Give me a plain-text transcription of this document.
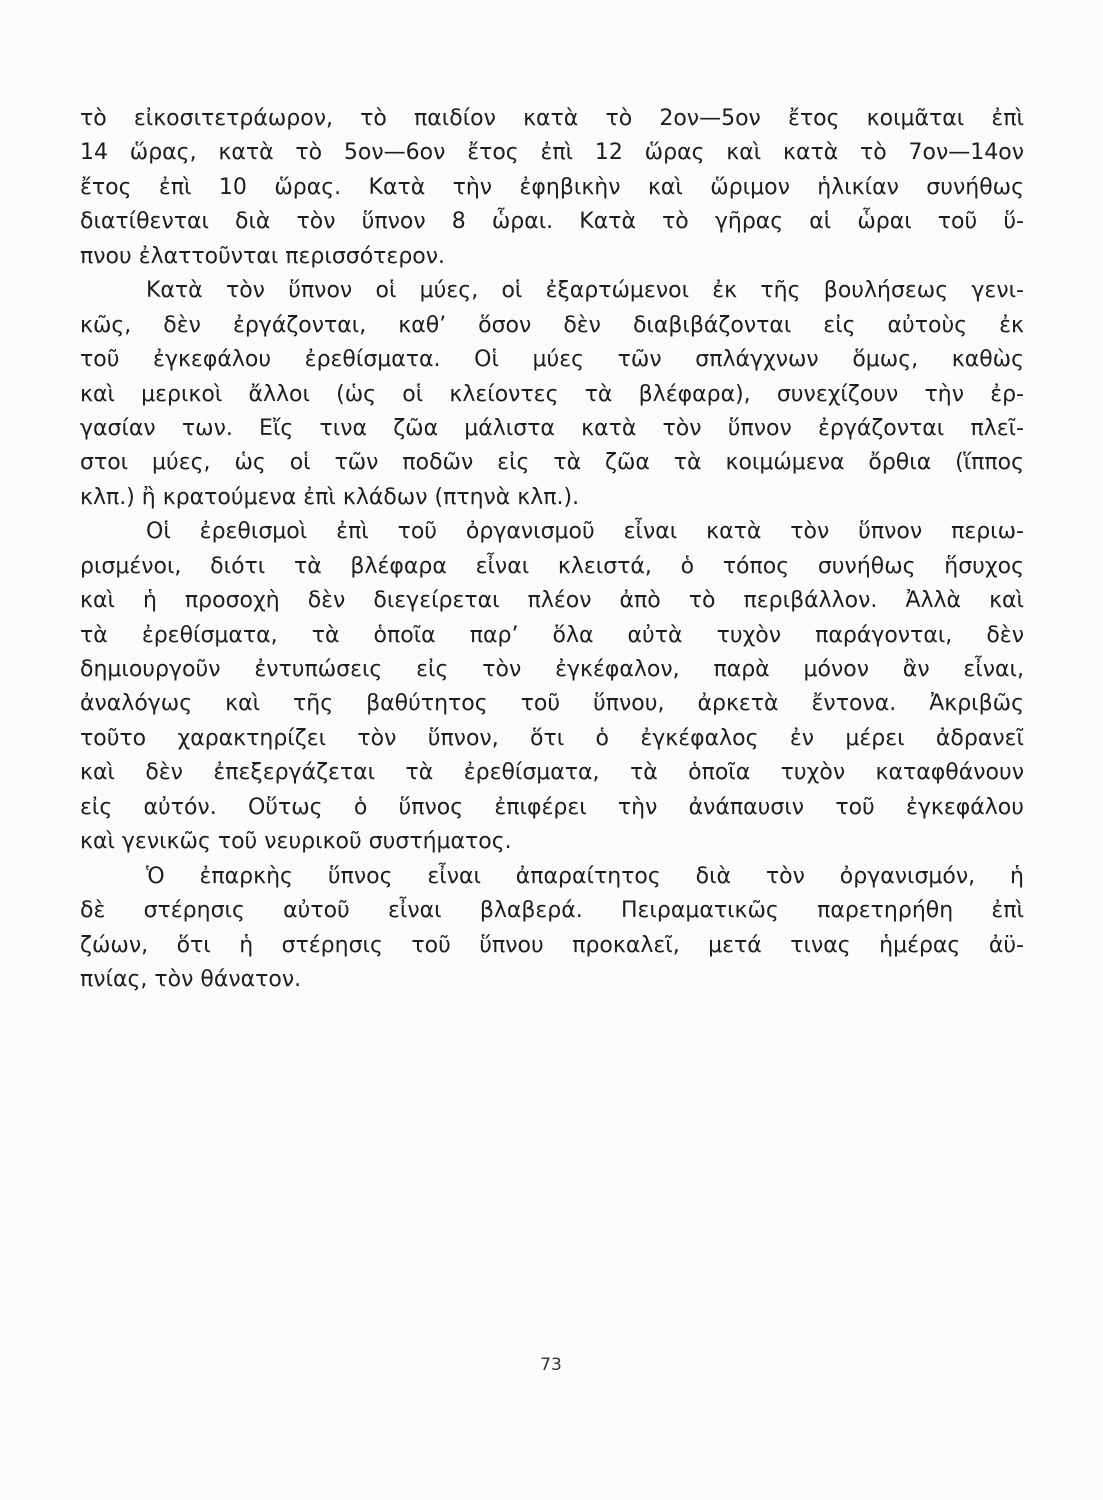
τὸ εἰκοσιτετράωρον, τὸ παιδίον κατὰ τὸ 2ον—5ον ἔτος κοιμᾶται ἐπὶ
14 ὥρας, κατὰ τὸ 5ον—6ον ἔτος ἐπὶ 12 ὥρας καὶ κατὰ τὸ 7ον—14ον
ἔτος ἐπὶ 10 ὥρας. Κατὰ τὴν ἐφηβικὴν καὶ ὥριμον ἡλικίαν συνήθως
διατίθενται διὰ τὸν ὕπνον 8 ὧραι. Κατὰ τὸ γῆρας αἱ ὧραι τοῦ ὕ-
πνου ἐλαττοῦνται περισσότερον.
Κατὰ τὸν ὕπνον οἱ μύες, οἱ ἐξαρτώμενοι ἐκ τῆς βουλήσεως γενι-
κῶς, δὲν ἐργάζονται, καθ’ ὅσον δὲν διαβιβάζονται εἰς αὐτοὺς ἐκ
τοῦ ἐγκεφάλου ἐρεθίσματα. Οἱ μύες τῶν σπλάγχνων ὅμως, καθὼς
καὶ μερικοὶ ἄλλοι (ὡς οἱ κλείοντες τὰ βλέφαρα), συνεχίζουν τὴν ἐρ-
γασίαν των. Εἴς τινα ζῶα μάλιστα κατὰ τὸν ὕπνον ἐργάζονται πλεῖ-
στοι μύες, ὡς οἱ τῶν ποδῶν εἰς τὰ ζῶα τὰ κοιμώμενα ὄρθια (ἵππος
κλπ.) ἢ κρατούμενα ἐπὶ κλάδων (πτηνὰ κλπ.).
Οἱ ἐρεθισμοὶ ἐπὶ τοῦ ὀργανισμοῦ εἶναι κατὰ τὸν ὕπνον περιω-
ρισμένοι, διότι τὰ βλέφαρα εἶναι κλειστά, ὁ τόπος συνήθως ἥσυχος
καὶ ἡ προσοχὴ δὲν διεγείρεται πλέον ἀπὸ τὸ περιβάλλον. Ἀλλὰ καὶ
τὰ ἐρεθίσματα, τὰ ὁποῖα παρ’ ὅλα αὐτὰ τυχὸν παράγονται, δὲν
δημιουργοῦν ἐντυπώσεις εἰς τὸν ἐγκέφαλον, παρὰ μόνον ἂν εἶναι,
ἀναλόγως καὶ τῆς βαθύτητος τοῦ ὕπνου, ἀρκετὰ ἔντονα. Ἀκριβῶς
τοῦτο χαρακτηρίζει τὸν ὕπνον, ὅτι ὁ ἐγκέφαλος ἐν μέρει ἀδρανεῖ
καὶ δὲν ἐπεξεργάζεται τὰ ἐρεθίσματα, τὰ ὁποῖα τυχὸν καταφθάνουν
εἰς αὐτόν. Οὕτως ὁ ὕπνος ἐπιφέρει τὴν ἀνάπαυσιν τοῦ ἐγκεφάλου
καὶ γενικῶς τοῦ νευρικοῦ συστήματος.
Ὁ ἐπαρκὴς ὕπνος εἶναι ἀπαραίτητος διὰ τὸν ὀργανισμόν, ἡ
δὲ στέρησις αὐτοῦ εἶναι βλαβερά. Πειραματικῶς παρετηρήθη ἐπὶ
ζώων, ὅτι ἡ στέρησις τοῦ ὕπνου προκαλεῖ, μετά τινας ἡμέρας ἀϋ-
πνίας, τὸν θάνατον.
73
